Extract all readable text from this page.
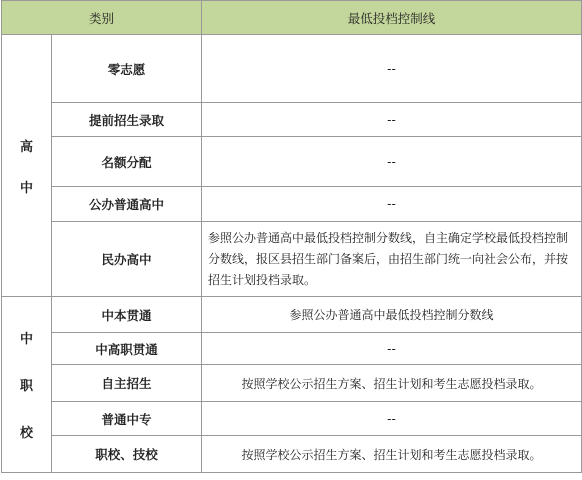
类别		最低投档控制线

高
中	零志愿	--
	提前招生录取	--
	名额分配	--
	公办普通高中	--
	民办高中	参照公办普通高中最低投档控制分数线，自主确定学校最低投档控制分数线，报区县招生部门备案后，由招生部门统一向社会公布，并按招生计划投档录取。

中
职
校	中本贯通	参照公办普通高中最低投档控制分数线
	中高职贯通	--
	自主招生	按照学校公示招生方案、招生计划和考生志愿投档录取。
	普通中专	--
	职校、技校	按照学校公示招生方案、招生计划和考生志愿投档录取。
